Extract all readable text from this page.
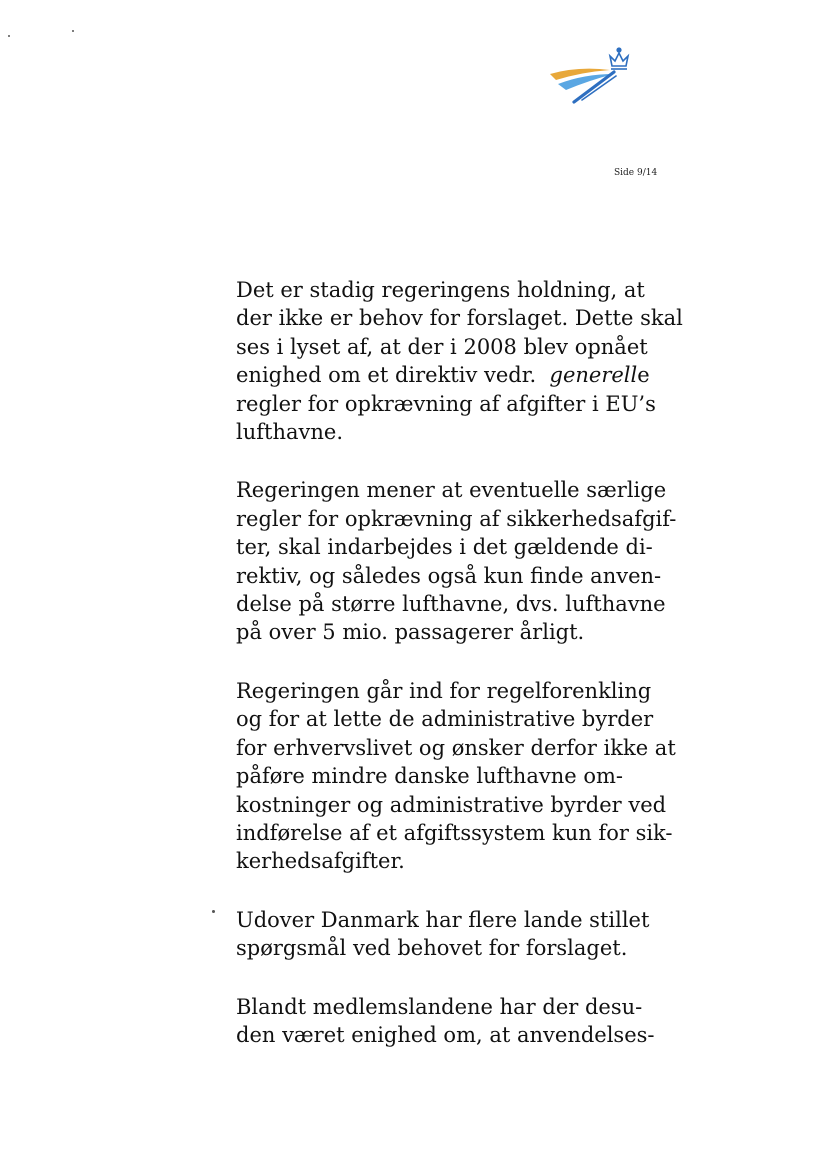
Side 9/14

Det er stadig regeringens holdning, at
der ikke er behov for forslaget. Dette skal
ses i lyset af, at der i 2008 blev opnået
enighed om et direktiv vedr. generelle
regler for opkrævning af afgifter i EU’s
lufthavne.

Regeringen mener at eventuelle særlige
regler for opkrævning af sikkerhedsafgif-
ter, skal indarbejdes i det gældende di-
rektiv, og således også kun finde anven-
delse på større lufthavne, dvs. lufthavne
på over 5 mio. passagerer årligt.

Regeringen går ind for regelforenkling
og for at lette de administrative byrder
for erhvervslivet og ønsker derfor ikke at
påføre mindre danske lufthavne om-
kostninger og administrative byrder ved
indførelse af et afgiftssystem kun for sik-
kerhedsafgifter.

Udover Danmark har flere lande stillet
spørgsmål ved behovet for forslaget.

Blandt medlemslandene har der desu-
den været enighed om, at anvendelses-
